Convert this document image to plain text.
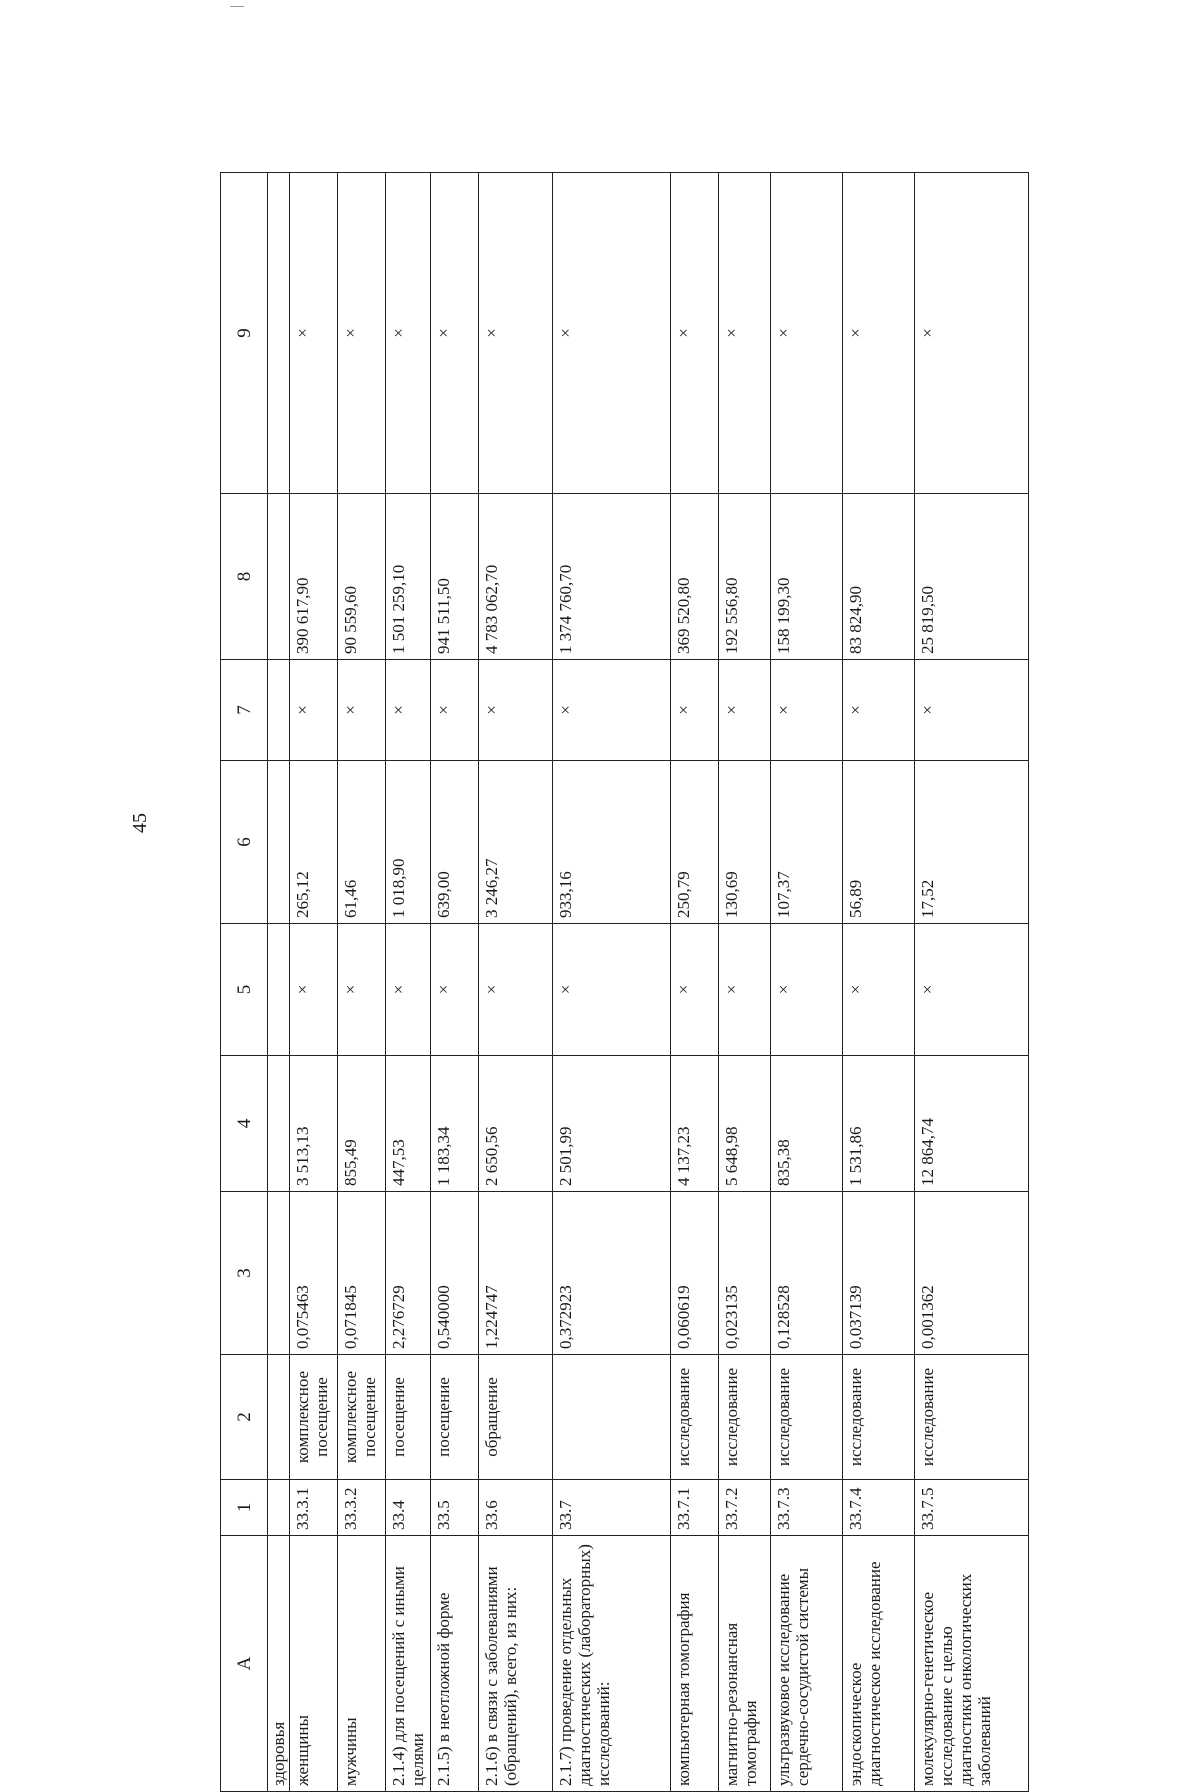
45
А	1	2	3	4	5	6	7	8	9
здоровья									
женщины	33.3.1	комплексное посещение	0,075463	3 513,13	×	265,12	×	390 617,90	×
мужчины	33.3.2	комплексное посещение	0,071845	855,49	×	61,46	×	90 559,60	×
2.1.4) для посещений с иными целями	33.4	посещение	2,276729	447,53	×	1 018,90	×	1 501 259,10	×
2.1.5) в неотложной форме	33.5	посещение	0,540000	1 183,34	×	639,00	×	941 511,50	×
2.1.6) в связи с заболеваниями (обращений), всего, из них:	33.6	обращение	1,224747	2 650,56	×	3 246,27	×	4 783 062,70	×
2.1.7) проведение отдельных диагностических (лабораторных) исследований:	33.7		0,372923	2 501,99	×	933,16	×	1 374 760,70	×
компьютерная томография	33.7.1	исследование	0,060619	4 137,23	×	250,79	×	369 520,80	×
магнитно-резонансная томография	33.7.2	исследование	0,023135	5 648,98	×	130,69	×	192 556,80	×
ультразвуковое исследование сердечно-сосудистой системы	33.7.3	исследование	0,128528	835,38	×	107,37	×	158 199,30	×
эндоскопическое диагностическое исследование	33.7.4	исследование	0,037139	1 531,86	×	56,89	×	83 824,90	×
молекулярно-генетическое исследование с целью диагностики онкологических заболеваний	33.7.5	исследование	0,001362	12 864,74	×	17,52	×	25 819,50	×
